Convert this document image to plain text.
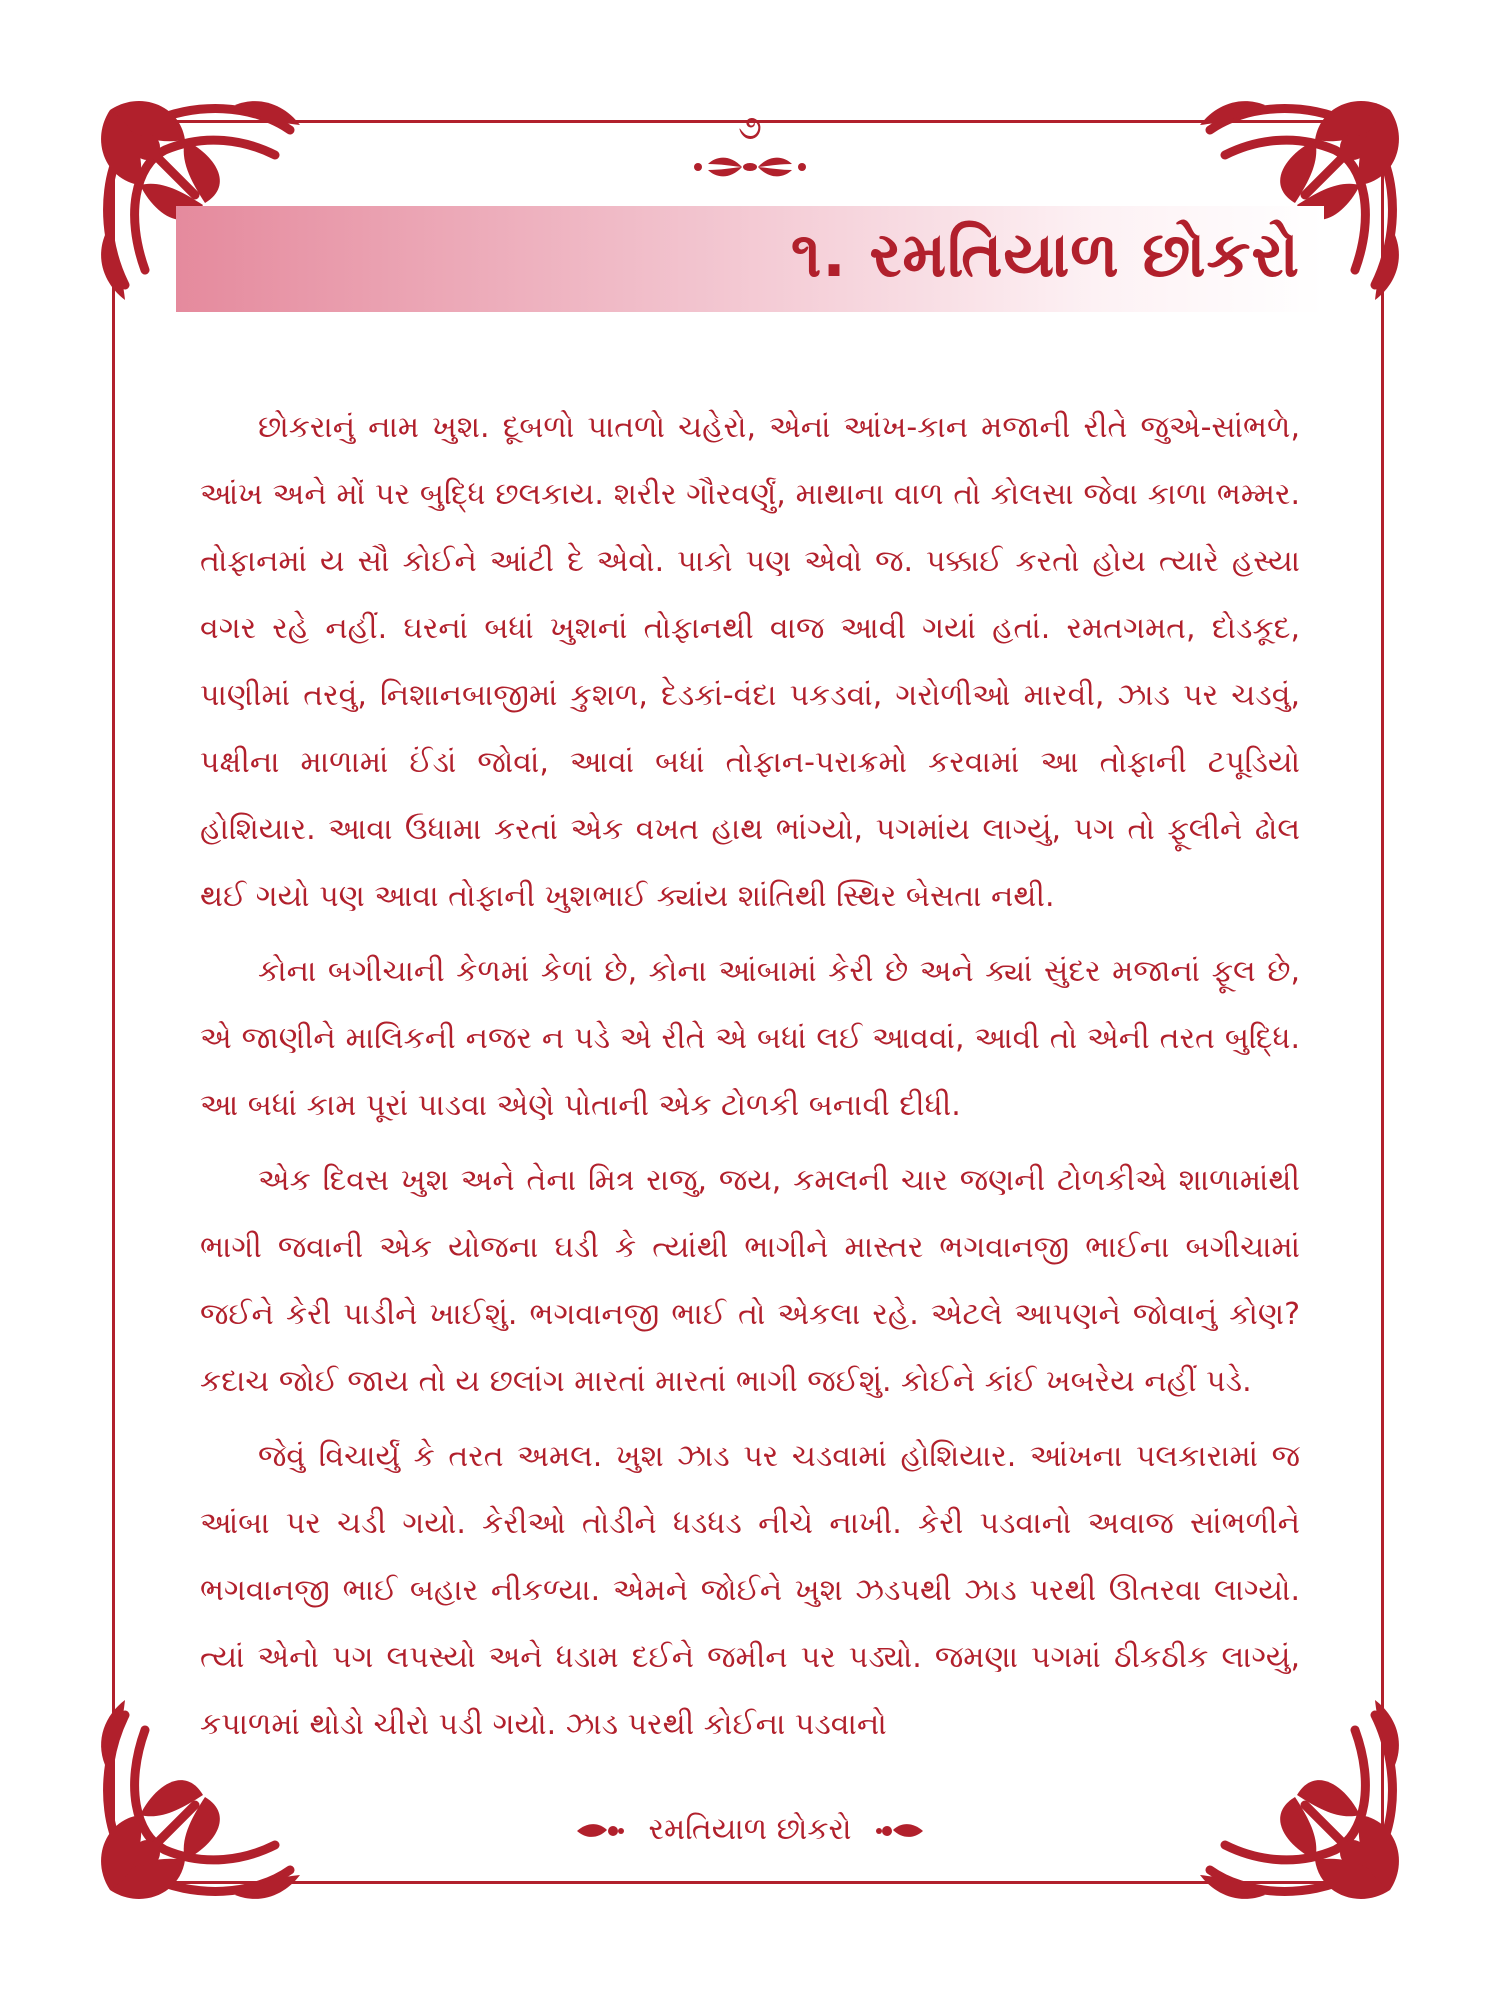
૭
૧. રમતિયાળ છોકરો

છોકરાનું નામ ખુશ. દૂબળો પાતળો ચહેરો, એનાં આંખ-કાન મજાની રીતે જુએ-સાંભળે, આંખ અને મોં પર બુદ્ધિ છલકાય. શરીર ગૌરવર્ણું, માથાના વાળ તો કોલસા જેવા કાળા ભમ્મર. તોફાનમાં ય સૌ કોઈને આંટી દે એવો. પાકો પણ એવો જ. પક્કાઈ કરતો હોય ત્યારે હસ્યા વગર રહે નહીં. ઘરનાં બધાં ખુશનાં તોફાનથી વાજ આવી ગયાં હતાં. રમતગમત, દોડકૂદ, પાણીમાં તરવું, નિશાનબાજીમાં કુશળ, દેડકાં-વંદા પકડવાં, ગરોળીઓ મારવી, ઝાડ પર ચડવું, પક્ષીના માળામાં ઈંડાં જોવાં, આવાં બધાં તોફાન-પરાક્રમો કરવામાં આ તોફાની ટપૂડિયો હોશિયાર. આવા ઉધામા કરતાં એક વખત હાથ ભાંગ્યો, પગમાંય લાગ્યું, પગ તો ફૂલીને ઢોલ થઈ ગયો પણ આવા તોફાની ખુશભાઈ ક્યાંય શાંતિથી સ્થિર બેસતા નથી.

કોના બગીચાની કેળમાં કેળાં છે, કોના આંબામાં કેરી છે અને ક્યાં સુંદર મજાનાં ફૂલ છે, એ જાણીને માલિકની નજર ન પડે એ રીતે એ બધાં લઈ આવવાં, આવી તો એની તરત બુદ્ધિ. આ બધાં કામ પૂરાં પાડવા એણે પોતાની એક ટોળકી બનાવી દીધી.

એક દિવસ ખુશ અને તેના મિત્ર રાજુ, જય, કમલની ચાર જણની ટોળકીએ શાળામાંથી ભાગી જવાની એક યોજના ઘડી કે ત્યાંથી ભાગીને માસ્તર ભગવાનજી ભાઈના બગીચામાં જઈને કેરી પાડીને ખાઈશું. ભગવાનજી ભાઈ તો એકલા રહે. એટલે આપણને જોવાનું કોણ? કદાચ જોઈ જાય તો ય છલાંગ મારતાં મારતાં ભાગી જઈશું. કોઈને કાંઈ ખબરેય નહીં પડે.

જેવું વિચાર્યું કે તરત અમલ. ખુશ ઝાડ પર ચડવામાં હોશિયાર. આંખના પલકારામાં જ આંબા પર ચડી ગયો. કેરીઓ તોડીને ધડધડ નીચે નાખી. કેરી પડવાનો અવાજ સાંભળીને ભગવાનજી ભાઈ બહાર નીકળ્યા. એમને જોઈને ખુશ ઝડપથી ઝાડ પરથી ઊતરવા લાગ્યો. ત્યાં એનો પગ લપસ્યો અને ધડામ દઈને જમીન પર પડ્યો. જમણા પગમાં ઠીકઠીક લાગ્યું, કપાળમાં થોડો ચીરો પડી ગયો. ઝાડ પરથી કોઈના પડવાનો

રમતિયાળ છોકરો
